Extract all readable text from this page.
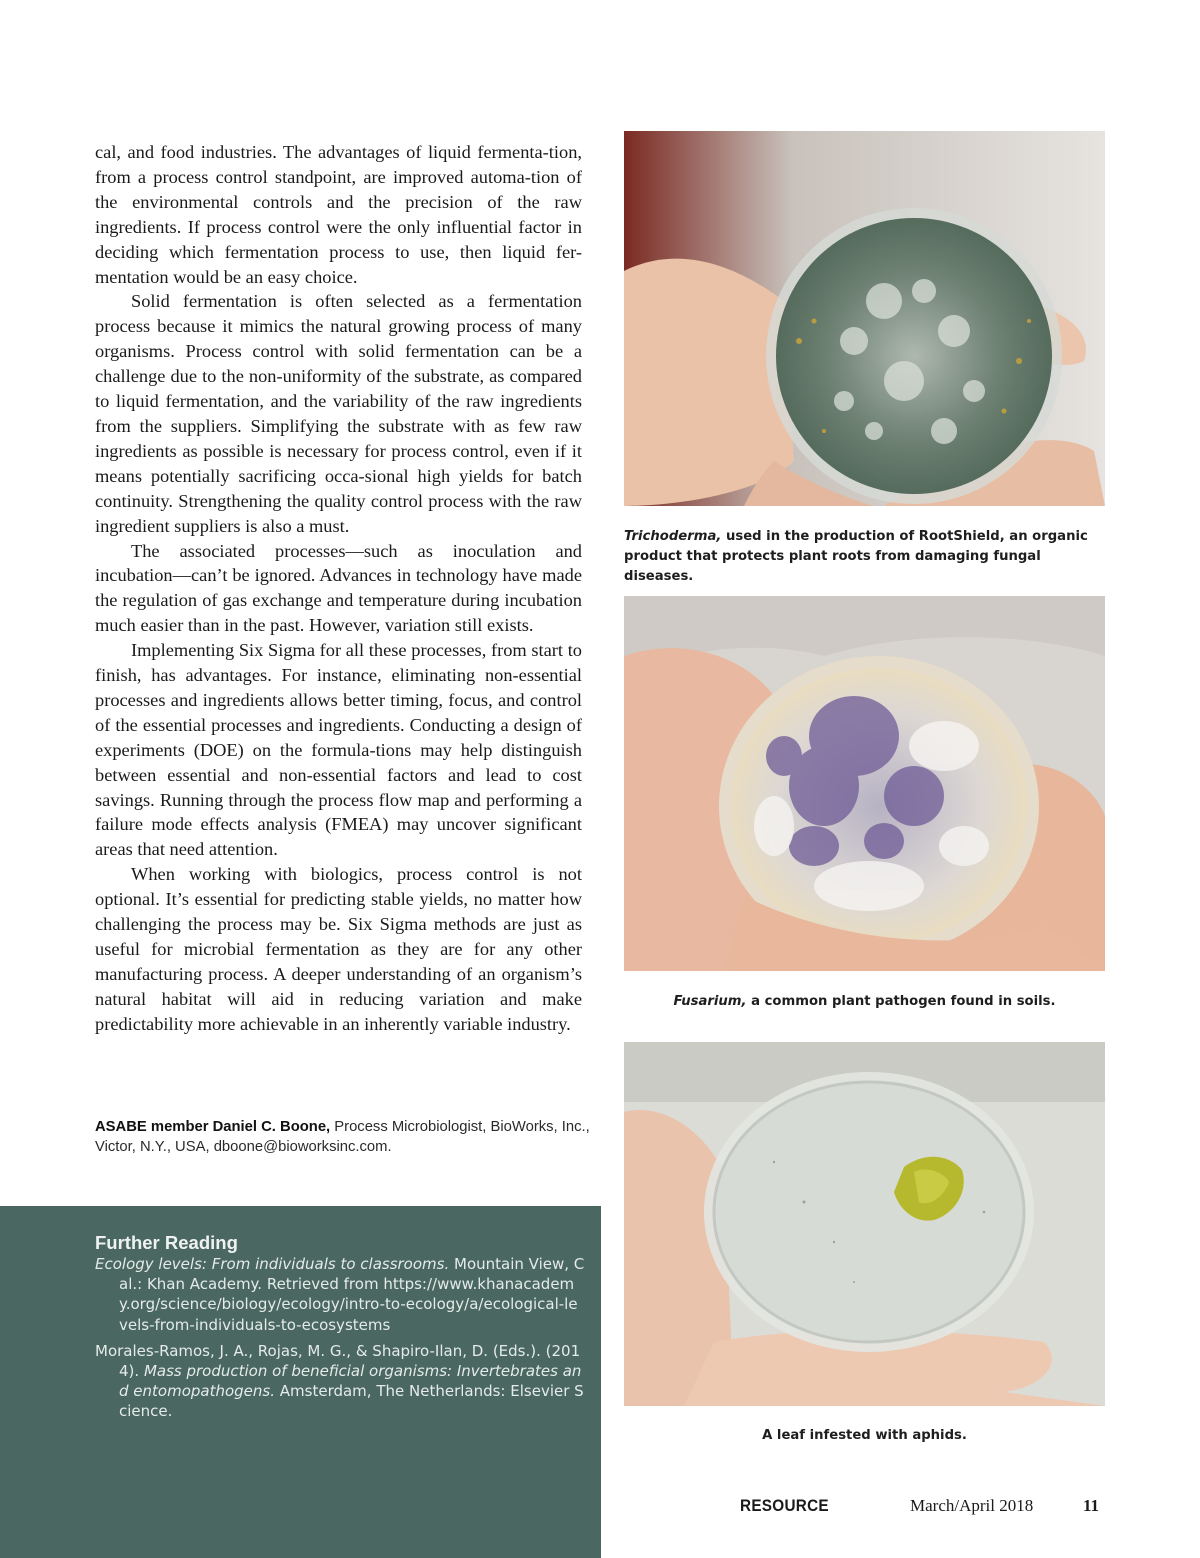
cal, and food industries. The advantages of liquid fermenta-tion, from a process control standpoint, are improved automa-tion of the environmental controls and the precision of the raw ingredients. If process control were the only influential factor in deciding which fermentation process to use, then liquid fer-mentation would be an easy choice.

Solid fermentation is often selected as a fermentation process because it mimics the natural growing process of many organisms. Process control with solid fermentation can be a challenge due to the non-uniformity of the substrate, as compared to liquid fermentation, and the variability of the raw ingredients from the suppliers. Simplifying the substrate with as few raw ingredients as possible is necessary for process control, even if it means potentially sacrificing occa-sional high yields for batch continuity. Strengthening the quality control process with the raw ingredient suppliers is also a must.

The associated processes—such as inoculation and incubation—can’t be ignored. Advances in technology have made the regulation of gas exchange and temperature during incubation much easier than in the past. However, variation still exists.

Implementing Six Sigma for all these processes, from start to finish, has advantages. For instance, eliminating non-essential processes and ingredients allows better timing, focus, and control of the essential processes and ingredients. Conducting a design of experiments (DOE) on the formula-tions may help distinguish between essential and non-essential factors and lead to cost savings. Running through the process flow map and performing a failure mode effects analysis (FMEA) may uncover significant areas that need attention.

When working with biologics, process control is not optional. It’s essential for predicting stable yields, no matter how challenging the process may be. Six Sigma methods are just as useful for microbial fermentation as they are for any other manufacturing process. A deeper understanding of an organism’s natural habitat will aid in reducing variation and make predictability more achievable in an inherently variable industry.

ASABE member Daniel C. Boone, Process Microbiologist, BioWorks, Inc., Victor, N.Y., USA, dboone@bioworksinc.com.
Further Reading
Ecology levels: From individuals to classrooms. Mountain View, Cal.: Khan Academy. Retrieved from https://www.khanacademy.org/science/biology/ecology/intro-to-ecology/a/ecological-levels-from-individuals-to-ecosystems
Morales-Ramos, J. A., Rojas, M. G., & Shapiro-Ilan, D. (Eds.). (2014). Mass production of beneficial organisms: Invertebrates and entomopathogens. Amsterdam, The Netherlands: Elsevier Science.
Trichoderma, used in the production of RootShield, an organic product that protects plant roots from damaging fungal diseases.
Fusarium, a common plant pathogen found in soils.
A leaf infested with aphids.
RESOURCE	March/April 2018	11
